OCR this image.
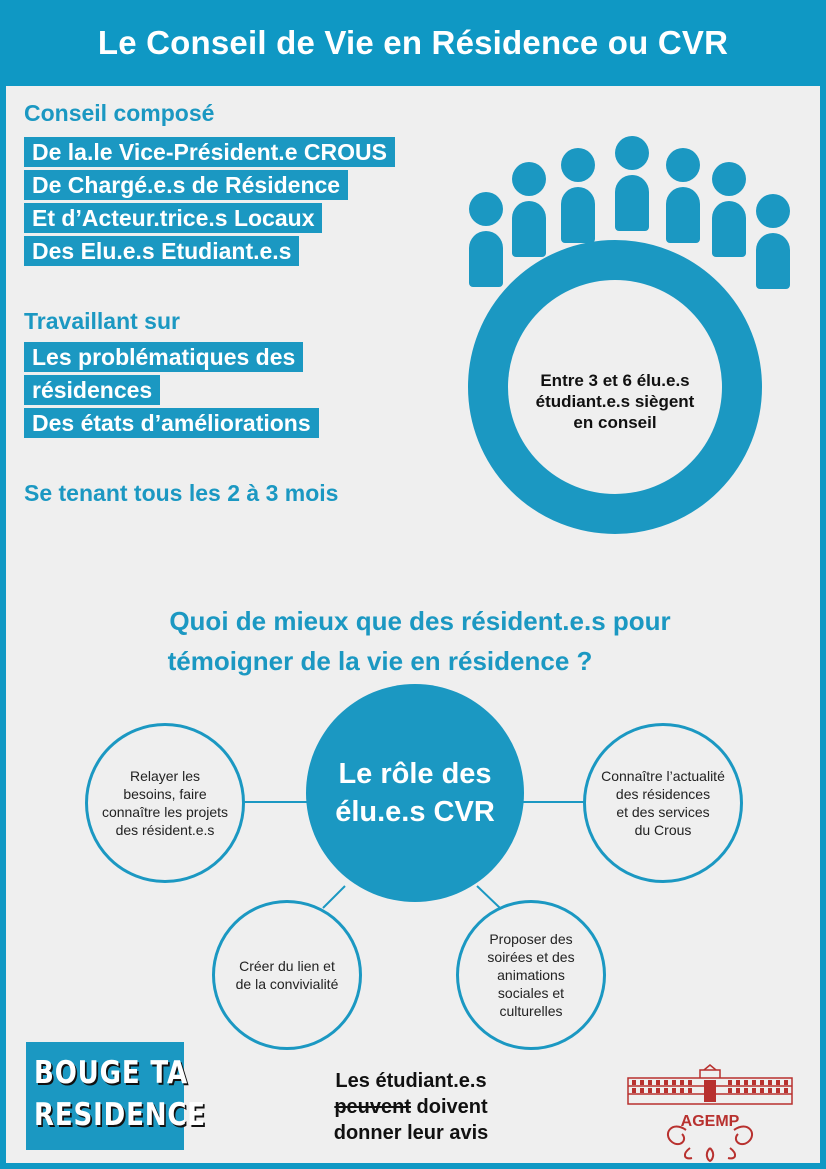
Le Conseil de Vie en Résidence ou CVR
Conseil composé
De la.le Vice-Président.e CROUS
De Chargé.e.s de Résidence
Et d’Acteur.trice.s Locaux
Des Elu.e.s Etudiant.e.s
Travaillant sur
Les problématiques des
résidences
Des états d’améliorations
Se tenant tous les 2 à 3 mois
Entre 3 et 6 élu.e.s
étudiant.e.s siègent
en conseil
Quoi de mieux que des résident.e.s pour
témoigner de la vie en résidence ?
Le rôle des
élu.e.s CVR
Relayer les
besoins, faire
connaître les projets
des résident.e.s
Connaître l’actualité
des résidences
et des services
du Crous
Créer du lien et
de la convivialité
Proposer des
soirées et des
animations
sociales et
culturelles
BOUGE TA
RESIDENCE
Les étudiant.e.s
peuvent doivent
donner leur avis
AGEMP
